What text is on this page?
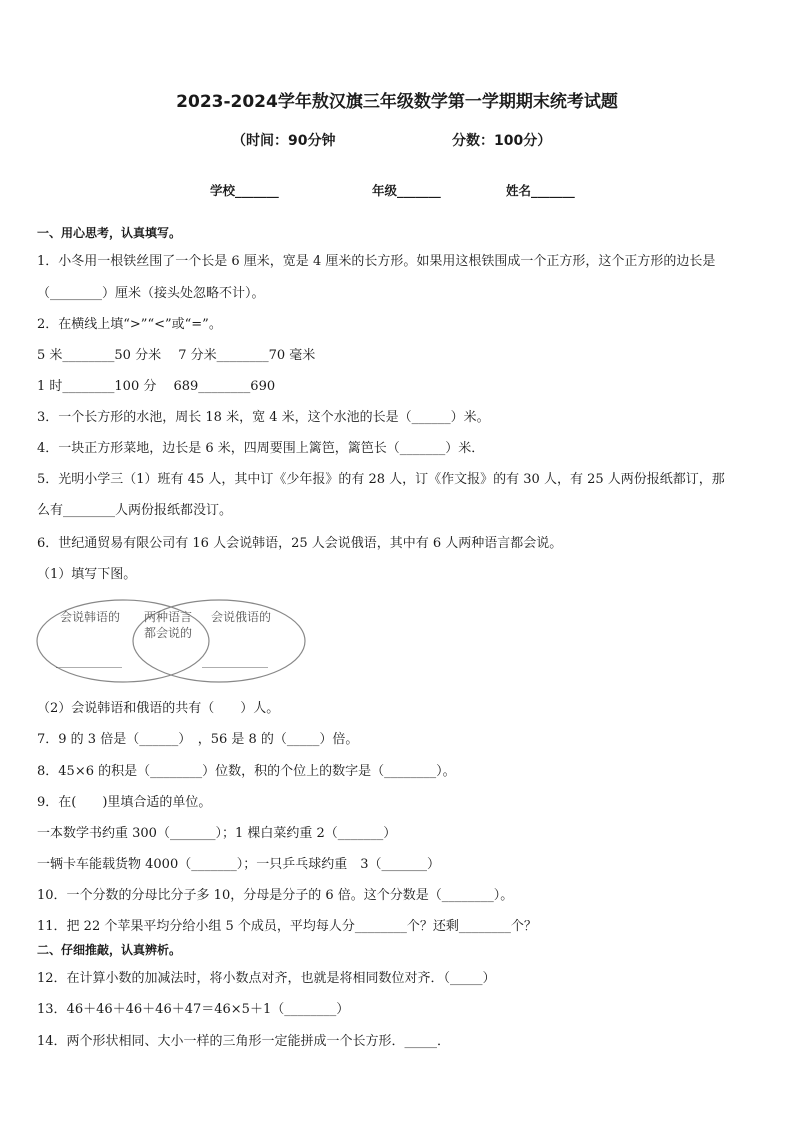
2023-2024学年敖汉旗三年级数学第一学期期末统考试题
（时间：90分钟	分数：100分）
学校_______	年级_______	姓名_______
一、用心思考，认真填写。
1．小冬用一根铁丝围了一个长是 6 厘米，宽是 4 厘米的长方形。如果用这根铁围成一个正方形，这个正方形的边长是
（________）厘米（接头处忽略不计）。
2．在横线上填“>”“<”或“=”。
5 米________50 分米　 7 分米________70 毫米
1 时________100 分　 689________690
3．一个长方形的水池，周长 18 米，宽 4 米，这个水池的长是（______）米。
4．一块正方形菜地，边长是 6 米，四周要围上篱笆，篱笆长（_______）米．
5．光明小学三（1）班有 45 人，其中订《少年报》的有 28 人，订《作文报》的有 30 人，有 25 人两份报纸都订，那
么有________人两份报纸都没订。
6．世纪通贸易有限公司有 16 人会说韩语，25 人会说俄语，其中有 6 人两种语言都会说。
（1）填写下图。
会说韩语的 两种语言
都会说的
会说俄语的
___________	___________
（2）会说韩语和俄语的共有（　　）人。
7．9 的 3 倍是（______）　，56 是 8 的（_____）倍。
8．45×6 的积是（________）位数，积的个位上的数字是（________）。
9．在(　　)里填合适的单位。
一本数学书约重 300（_______）；1 棵白菜约重 2（_______）
一辆卡车能载货物 4000（_______）；一只乒乓球约重　3（_______）
10．一个分数的分母比分子多 10，分母是分子的 6 倍。这个分数是（________）。
11．把 22 个苹果平均分给小组 5 个成员，平均每人分________个？还剩________个？
二、仔细推敲，认真辨析。
12．在计算小数的加减法时，将小数点对齐，也就是将相同数位对齐．（_____）
13．46＋46＋46＋46＋47＝46×5＋1（________）
14．两个形状相同、大小一样的三角形一定能拼成一个长方形．_____．
